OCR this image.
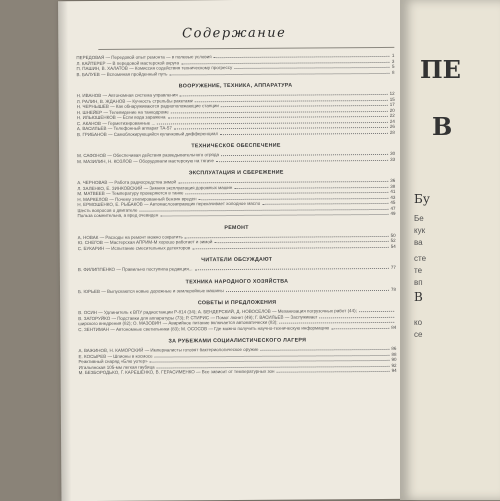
Содержание
ПЕРЕДОВАЯ — Передовой опыт ремонта — в полевые условия	1
Л. КАЙТЕРЕР — В передовой мастерской округа	3
П. ПАШИН, В. ХАЛАТОВ — Комиссия содействия техническому прогрессу	5
В. БАЛУЕВ — Вспоминая пройденный путь	8
ВООРУЖЕНИЕ, ТЕХНИКА, АППАРАТУРА
Н. ИВАНОВ — Автономная система управления	12
Л. РАЛИН, В. ЖДАНОВ — Кучность стрельбы ракетами	15
Н. ЧЕРНЫШЕВ — Как обнаруживаются радиоположающие станции	17
Н. ШНЕЙЕР — Телевидение на танкодроме	20
Н. ИЛЬЮШЕНКОВ — Если вода заражена	22
С. АКАНОВ — Герметизированные ...	24
А. ВАСИЛЬЕВ — Телефонный аппарат ТА-57	26
В. ГРИБАНОВ — Самоблокирующийся кулачковый дифференциал	28
ТЕХНИЧЕСКОЕ ОБЕСПЕЧЕНИЕ
М. САФОНОВ — Обеспечивая действия разведывательного отряда	30
М. МАЗИЛИН, Н. КОЗЛОВ — Оборудовали мастерскую на тягаче	33
ЭКСПЛУАТАЦИЯ И СБЕРЕЖЕНИЕ
А. ЧЕРНОВАВ — Работа радиосредства зимой	36
Л. ЗАЛЕНКО, Е. ЗИНКОВСКИЙ — Зимняя эксплуатация дорожных машин	38
М. МАТВЕЕВ — Температуру проверяются в танке	41
Н. МАРКЕЛОВ — Почему этилированный бензин вреден	43
Н. ЕРМОШЕНКО, Е. РЫБАКОВ — Автомаслозаправщик перекачивает холодное масло	45
Шесть вопросов о двигателе	47
Польза сомнительна, а вред очевиден	49
РЕМОНТ
А. НОВАК — Расходы на ремонт можно сократить	50
Ю. СНЕГОВ — Мастерская АПРИМ-М хорошо работает и зимой	52
С. БУКАРИН — Испытание смесительных детекторов	54
ЧИТАТЕЛИ ОБСУЖДАЮТ
В. ФИЛИППЕНКО — Правильно поступила редакция...	77
ТЕХНИКА НАРОДНОГО ХОЗЯЙСТВА
Б. ЮРЬЕВ — Выпускаются новые дорожные и землеройные машины	78
СОВЕТЫ И ПРЕДЛОЖЕНИЯ
В. ОСИН — Удлинитель к ВПУ радиостанции Р-814 (34); А. БЕНДЕРСКИЙ, Д. НОВОСЕЛОВ — Механизация погрузочных работ (44);
В. ЗАГОРУЙКО — Подставки для аппаратуры (73); Р. СТИРИС — Помог люнет (49); Г. ВАСИЛЬЕВ — Заслуживает
ширского внедрения (82); О. МАЗОВИН — Аварийное питание включается автоматически (83);
С. ЗЕНТИМАН — Автономные светильники (83); М. ОСОСОВ — Где можно получить научно-техническую информацию	84
ЗА РУБЕЖАМИ СОЦИАЛИСТИЧЕСКОГО ЛАГЕРЯ
А. ВАЖИНОВ, Н. КАМОРСКИЙ — Империалисты готовят бактериологическое оружие	86
Е. КОСЫРЕВ — Шпионы в космосе	88
Реактивный снаряд «Блю уотер»	90
Итальянская 105-мм легкая гаубица	92
М. БЕЗБОРОДЬКО, Г. КАРЕШЕНКО, В. ГЕРАСИМЕНКО — Все зависит от температурных зон	94
ПЕ
В
Бу
Бе
кук
ва
сте
те
вп
В
ко
се
